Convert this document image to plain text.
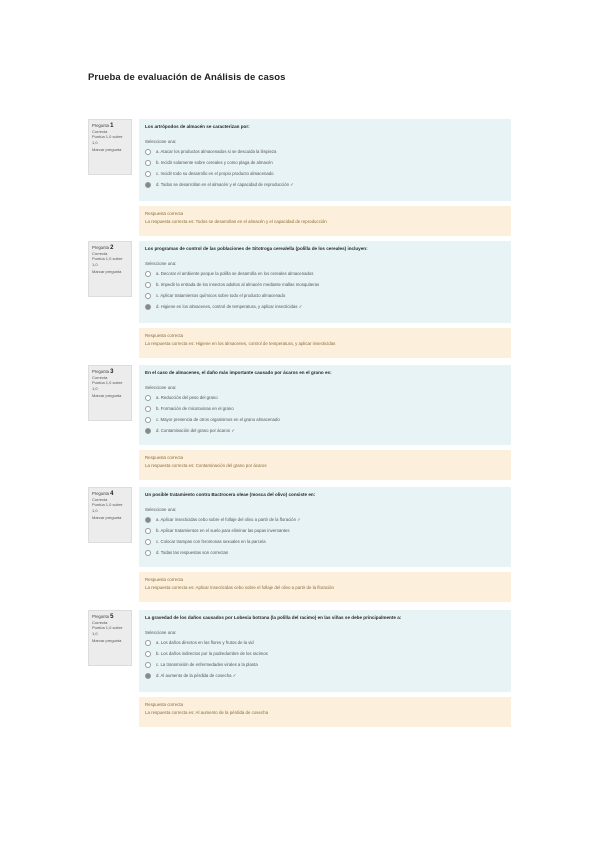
Prueba de evaluación de Análisis de casos
Pregunta 1
Correcta
Puntúa 1,0 sobre 1,0
Marcar pregunta
Los artrópodos de almacén se caracterizan por:
Seleccione una:
a. Atacar los productos almacenados si se descuida la limpieza
b. Incidir solamente sobre cereales y como plaga de almacén
c. Incidir todo su desarrollo en el propio producto almacenado
d. Todos se desarrollan en el almacén y el capacidad de reproducción ✓
Respuesta correcta
La respuesta correcta es: Todos se desarrollan en el almacén y el capacidad de reproducción
Pregunta 2
Correcta
Puntúa 1,0 sobre 1,0
Marcar pregunta
Los programas de control de las poblaciones de Sitotroga cerealella (polilla de los cereales) incluyen:
Seleccione una:
a. Decorar el ambiente porque la polilla se desarrolla en los cereales almacenados
b. Impedir la entrada de los insectos adultos al almacén mediante mallas mosquiteras
c. Aplicar tratamientos químicos sobre todo el producto almacenado
d. Higiene en los almacenes, control de temperatura, y aplicar insecticidas ✓
Respuesta correcta
La respuesta correcta es: Higiene en los almacenes, control de temperatura, y aplicar insecticidas
Pregunta 3
Correcta
Puntúa 1,0 sobre 1,0
Marcar pregunta
En el caso de almacenes, el daño más importante causado por ácaros en el grano es:
Seleccione una:
a. Reducción del peso del grano
b. Formación de micotoxinas en el grano
c. Mayor presencia de otros organismos en el grano almacenado
d. Contaminación del grano por ácaros ✓
Respuesta correcta
La respuesta correcta es: Contaminación del grano por ácaros
Pregunta 4
Correcta
Puntúa 1,0 sobre 1,0
Marcar pregunta
Un posible tratamiento contra Bactrocera oleae (mosca del olivo) consiste en:
Seleccione una:
a. Aplicar insecticidas cebo sobre el follaje del olivo a partir de la floración ✓
b. Aplicar tratamientos en el suelo para eliminar las pupas invernantes
c. Colocar trampas con feromonas sexuales en la parcela
d. Todas las respuestas son correctas
Respuesta correcta
La respuesta correcta es: Aplicar insecticidas cebo sobre el follaje del olivo a partir de la floración
Pregunta 5
Correcta
Puntúa 1,0 sobre 1,0
Marcar pregunta
La gravedad de los daños causados por Lobesia botrana (la polilla del racimo) en las viñas se debe principalmente a:
Seleccione una:
a. Los daños directos en las flores y frutos de la vid
b. Los daños indirectos por la podredumbre de los racimos
c. La transmisión de enfermedades virales a la planta
d. Al aumento de la pérdida de cosecha ✓
Respuesta correcta
La respuesta correcta es: Al aumento de la pérdida de cosecha
